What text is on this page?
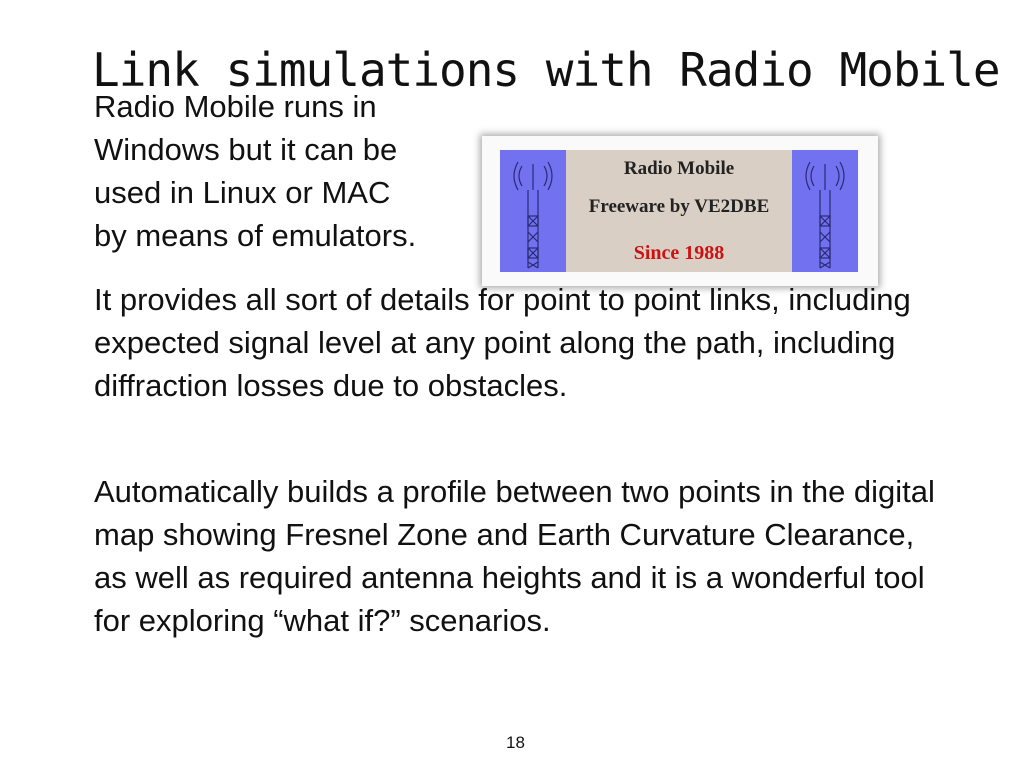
Link simulations with Radio Mobile
Radio Mobile runs in
Windows but it can be
used in Linux or MAC
by means of emulators.
Radio Mobile
Freeware by VE2DBE
Since 1988
It provides all sort of details for point to point links, including expected signal level at any point along the path, including diffraction losses due to obstacles.
Automatically builds a profile between two points in the digital map showing Fresnel Zone and Earth Curvature Clearance, as well as required antenna heights and it is a wonderful tool for exploring “what if?” scenarios.
18
